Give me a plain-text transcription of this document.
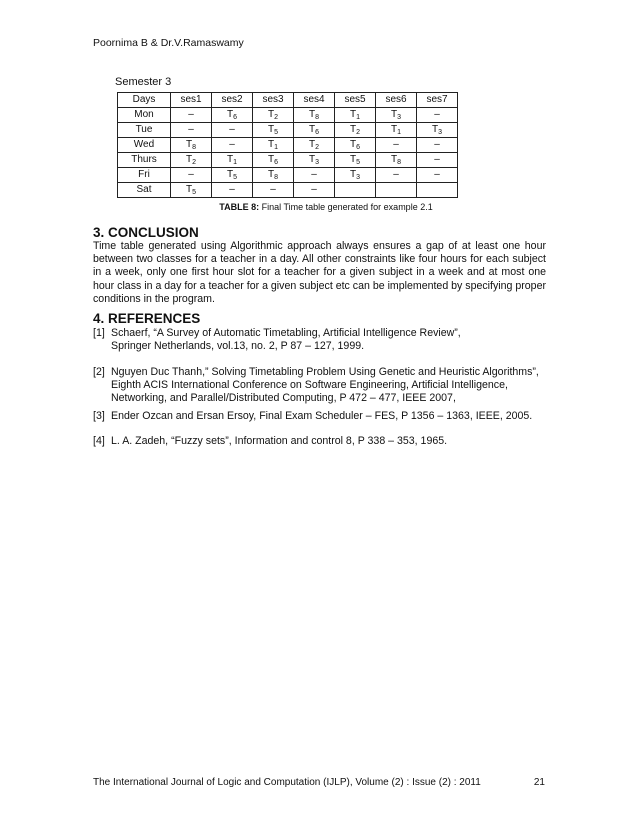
Poornima B & Dr.V.Ramaswamy
Semester 3
Days	ses1	ses2	ses3	ses4	ses5	ses6	ses7
Mon	–	$T_6$	$T_2$	$T_8$	$T_1$	$T_3$	–
Tue	–	–	$T_5$	$T_6$	$T_2$	$T_1$	$T_3$
Wed	$T_8$	–	$T_1$	$T_2$	$T_6$	–	–
Thurs	$T_2$	$T_1$	$T_6$	$T_3$	$T_5$	$T_8$	–
Fri	–	$T_5$	$T_8$	–	$T_3$	–	–
Sat	$T_5$	–	–	–			
TABLE 8: Final Time table generated for example 2.1
3. CONCLUSION

Time table generated using Algorithmic approach always ensures a gap of at least one hour between two classes for a teacher in a day. All other constraints like four hours for each subject in a week, only one first hour slot for a teacher for a given subject in a week and at most one hour class in a day for a teacher for a given subject etc can be implemented by specifying proper conditions in the program.

4. REFERENCES
[1] Schaerf, “A Survey of Automatic Timetabling, Artificial Intelligence Review”,
Springer Netherlands, vol.13, no. 2, P 87 – 127, 1999.
[2] Nguyen Duc Thanh,” Solving Timetabling Problem Using Genetic and Heuristic Algorithms”,
Eighth ACIS International Conference on Software Engineering, Artificial Intelligence,
Networking, and Parallel/Distributed Computing, P 472 – 477, IEEE 2007,
[3] Ender Ozcan and Ersan Ersoy, Final Exam Scheduler – FES, P 1356 – 1363, IEEE, 2005.
[4] L. A. Zadeh, “Fuzzy sets”, Information and control 8, P 338 – 353, 1965.
The International Journal of Logic and Computation (IJLP), Volume (2) : Issue (2) : 2011	21
